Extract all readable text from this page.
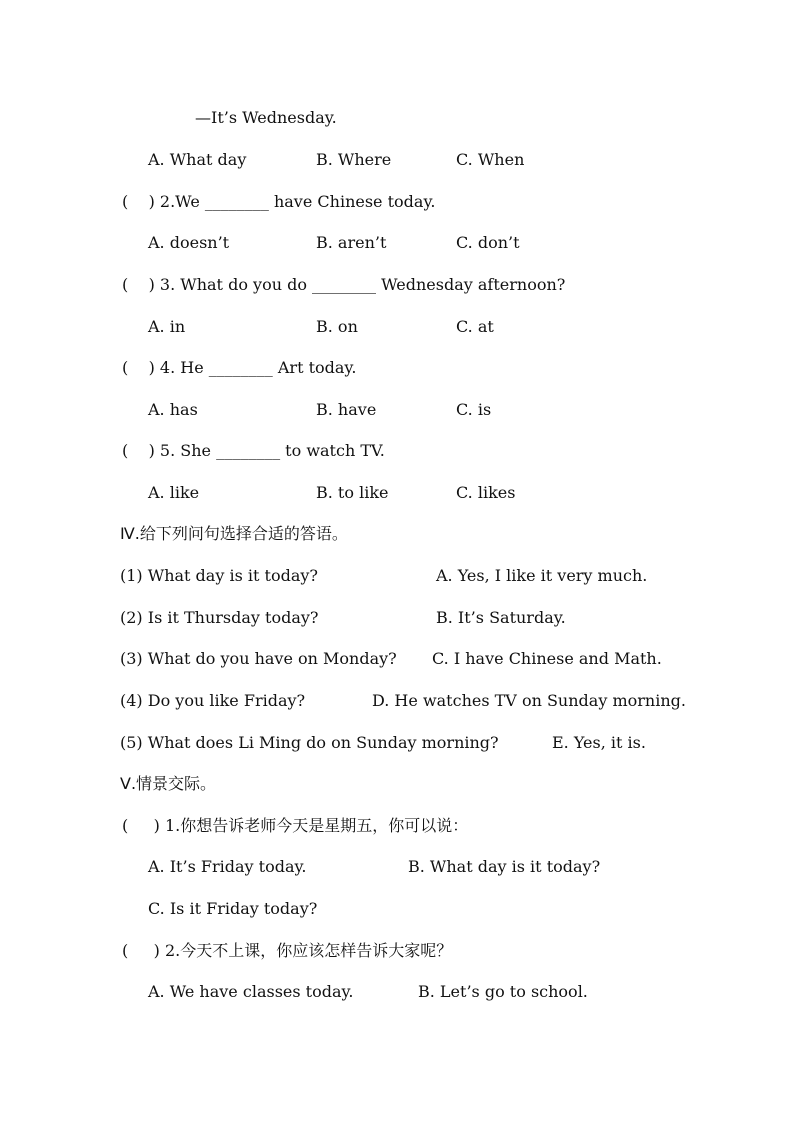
—It’s Wednesday.
A. What day	B. Where	C. When
(    ) 2.We ________ have Chinese today.
A. doesn’t	B. aren’t	C. don’t
(    ) 3. What do you do ________ Wednesday afternoon?
A. in	B. on	C. at
(    ) 4. He ________ Art today.
A. has	B. have	C. is
(    ) 5. She ________ to watch TV.
A. like	B. to like	C. likes
Ⅳ.给下列问句选择合适的答语。
(1) What day is it today?	A. Yes, I like it very much.
(2) Is it Thursday today?	B. It’s Saturday.
(3) What do you have on Monday? C. I have Chinese and Math.
(4) Do you like Friday?	D. He watches TV on Sunday morning.
(5) What does Li Ming do on Sunday morning?	E. Yes, it is.
Ⅴ.情景交际。
(     ) 1.你想告诉老师今天是星期五，你可以说：
A. It’s Friday today.	B. What day is it today?
C. Is it Friday today?
(     ) 2.今天不上课，你应该怎样告诉大家呢？
A. We have classes today.	B. Let’s go to school.
